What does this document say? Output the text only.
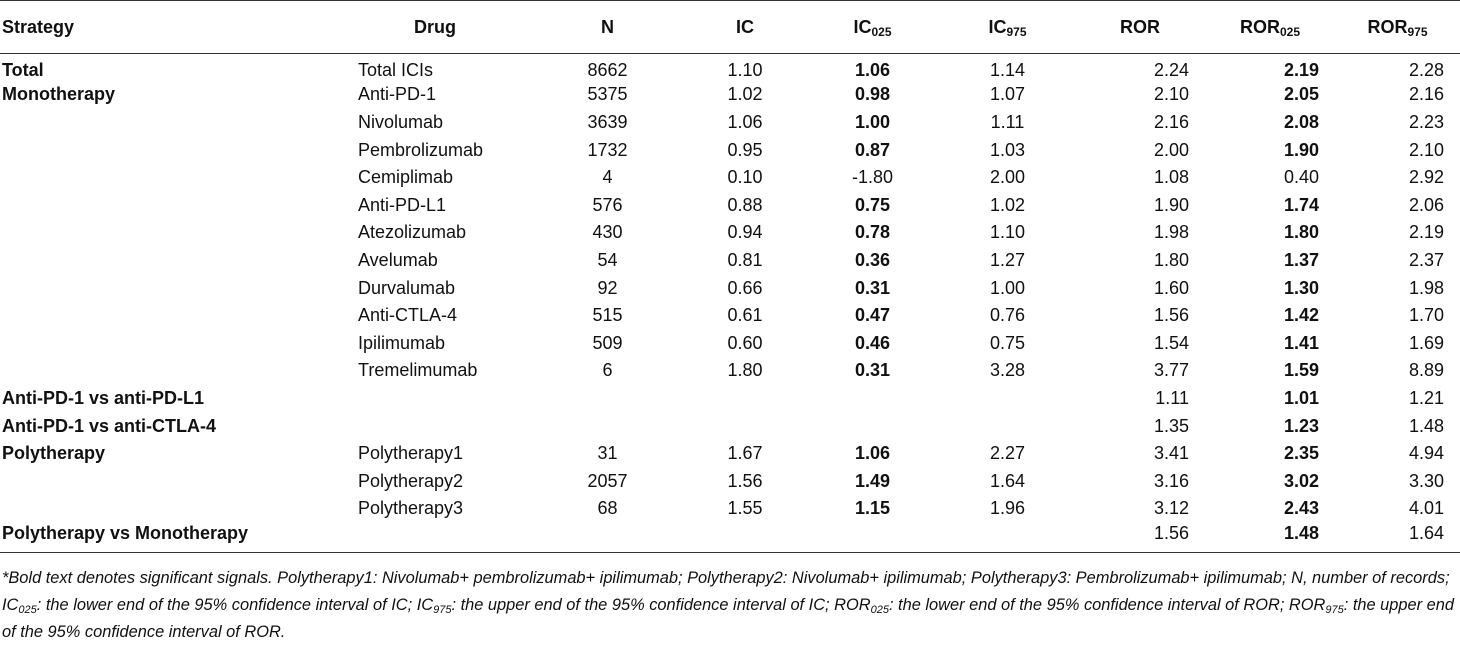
Strategy	Drug	N	IC	$IC_{025}$	$IC_{975}$	ROR	$ROR_{025}$	$ROR_{975}$
Total	Total ICIs	8662	1.10	1.06	1.14	2.24	2.19	2.28
Monotherapy	Anti-PD-1	5375	1.02	0.98	1.07	2.10	2.05	2.16
	Nivolumab	3639	1.06	1.00	1.11	2.16	2.08	2.23
	Pembrolizumab	1732	0.95	0.87	1.03	2.00	1.90	2.10
	Cemiplimab	4	0.10	-1.80	2.00	1.08	0.40	2.92
	Anti-PD-L1	576	0.88	0.75	1.02	1.90	1.74	2.06
	Atezolizumab	430	0.94	0.78	1.10	1.98	1.80	2.19
	Avelumab	54	0.81	0.36	1.27	1.80	1.37	2.37
	Durvalumab	92	0.66	0.31	1.00	1.60	1.30	1.98
	Anti-CTLA-4	515	0.61	0.47	0.76	1.56	1.42	1.70
	Ipilimumab	509	0.60	0.46	0.75	1.54	1.41	1.69
	Tremelimumab	6	1.80	0.31	3.28	3.77	1.59	8.89
Anti-PD-1 vs anti-PD-L1						1.11	1.01	1.21
Anti-PD-1 vs anti-CTLA-4						1.35	1.23	1.48
Polytherapy	Polytherapy1	31	1.67	1.06	2.27	3.41	2.35	4.94
	Polytherapy2	2057	1.56	1.49	1.64	3.16	3.02	3.30
	Polytherapy3	68	1.55	1.15	1.96	3.12	2.43	4.01
Polytherapy vs Monotherapy						1.56	1.48	1.64
*Bold text denotes significant signals. Polytherapy1: Nivolumab+ pembrolizumab+ ipilimumab; Polytherapy2: Nivolumab+ ipilimumab; Polytherapy3: Pembrolizumab+ ipilimumab; N, number of records; $IC_{025}$: the lower end of the 95% confidence interval of IC; $IC_{975}$: the upper end of the 95% confidence interval of IC; $ROR_{025}$: the lower end of the 95% confidence interval of ROR; $ROR_{975}$: the upper end of the 95% confidence interval of ROR.
